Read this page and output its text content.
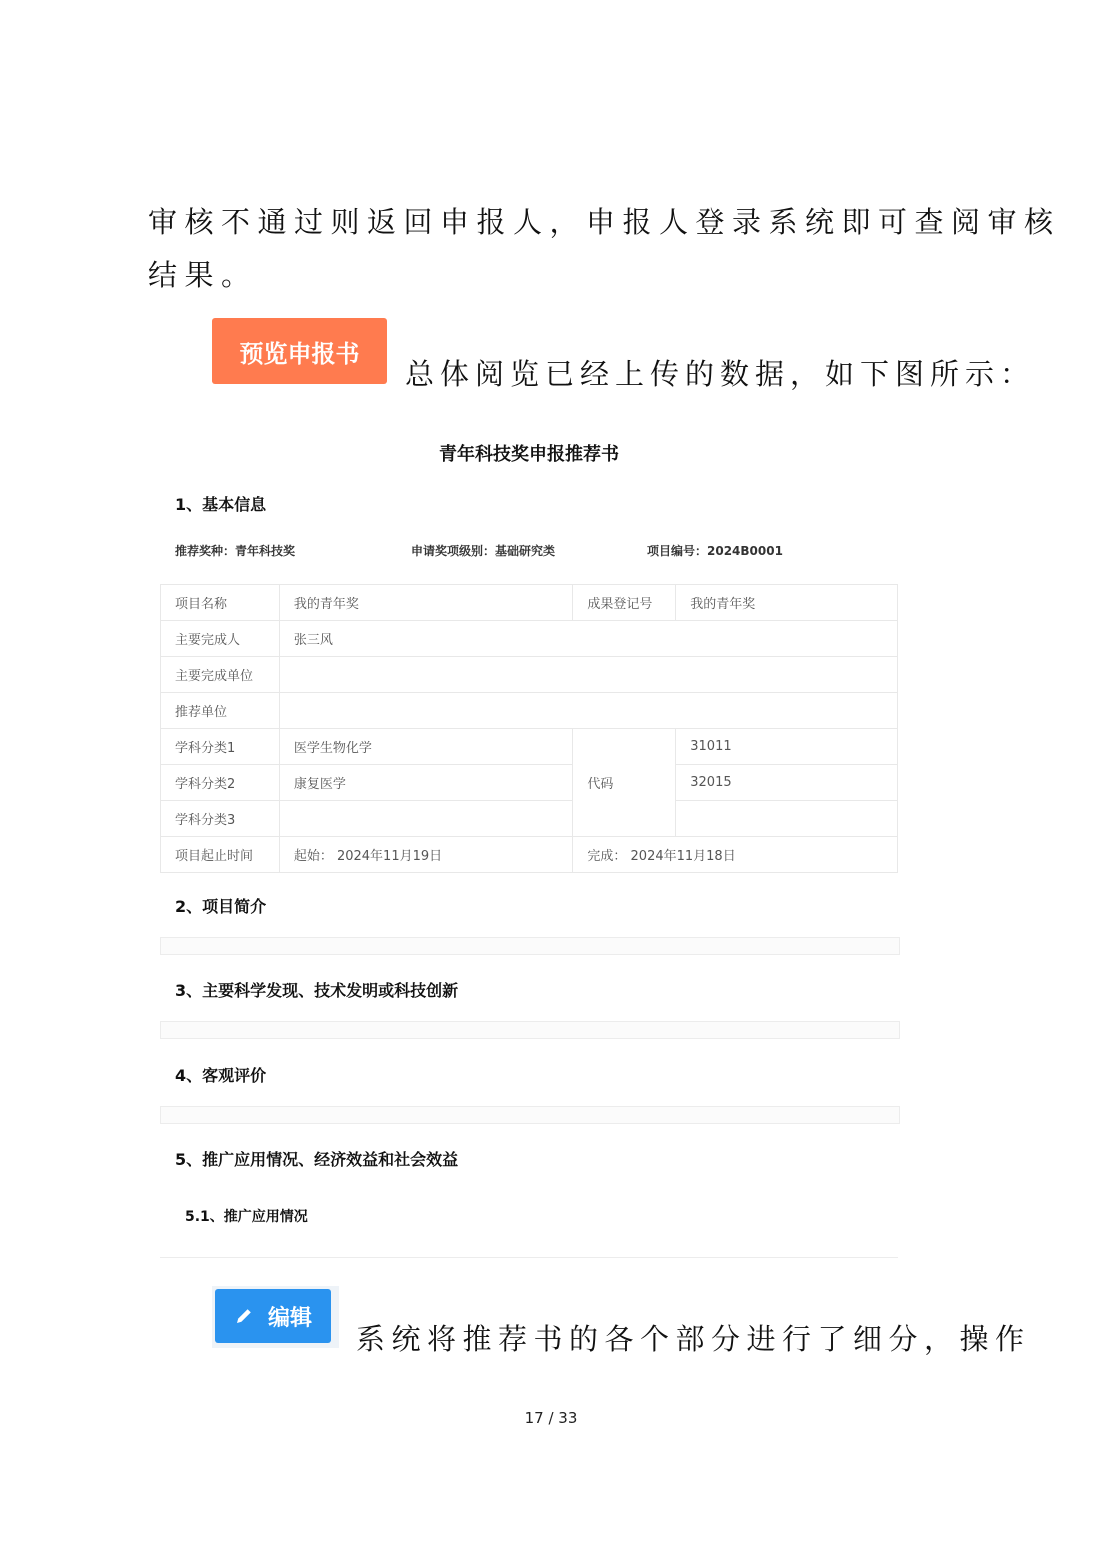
审核不通过则返回申报人，申报人登录系统即可查阅审核
结果。
预览申报书
总体阅览已经上传的数据，如下图所示：
青年科技奖申报推荐书
1、基本信息
推荐奖种：青年科技奖	申请奖项级别：基础研究类	项目编号：2024B0001
项目名称	我的青年奖	成果登记号	我的青年奖
主要完成人	张三风		
主要完成单位			
推荐单位			
学科分类1	医学生物化学	代码	31011
学科分类2	康复医学		32015
学科分类3			
项目起止时间	起始： 2024年11月19日	完成： 2024年11月18日	
2、项目简介
3、主要科学发现、技术发明或科技创新
4、客观评价
5、推广应用情况、经济效益和社会效益
5.1、推广应用情况
编辑
系统将推荐书的各个部分进行了细分，操作
17 / 33
